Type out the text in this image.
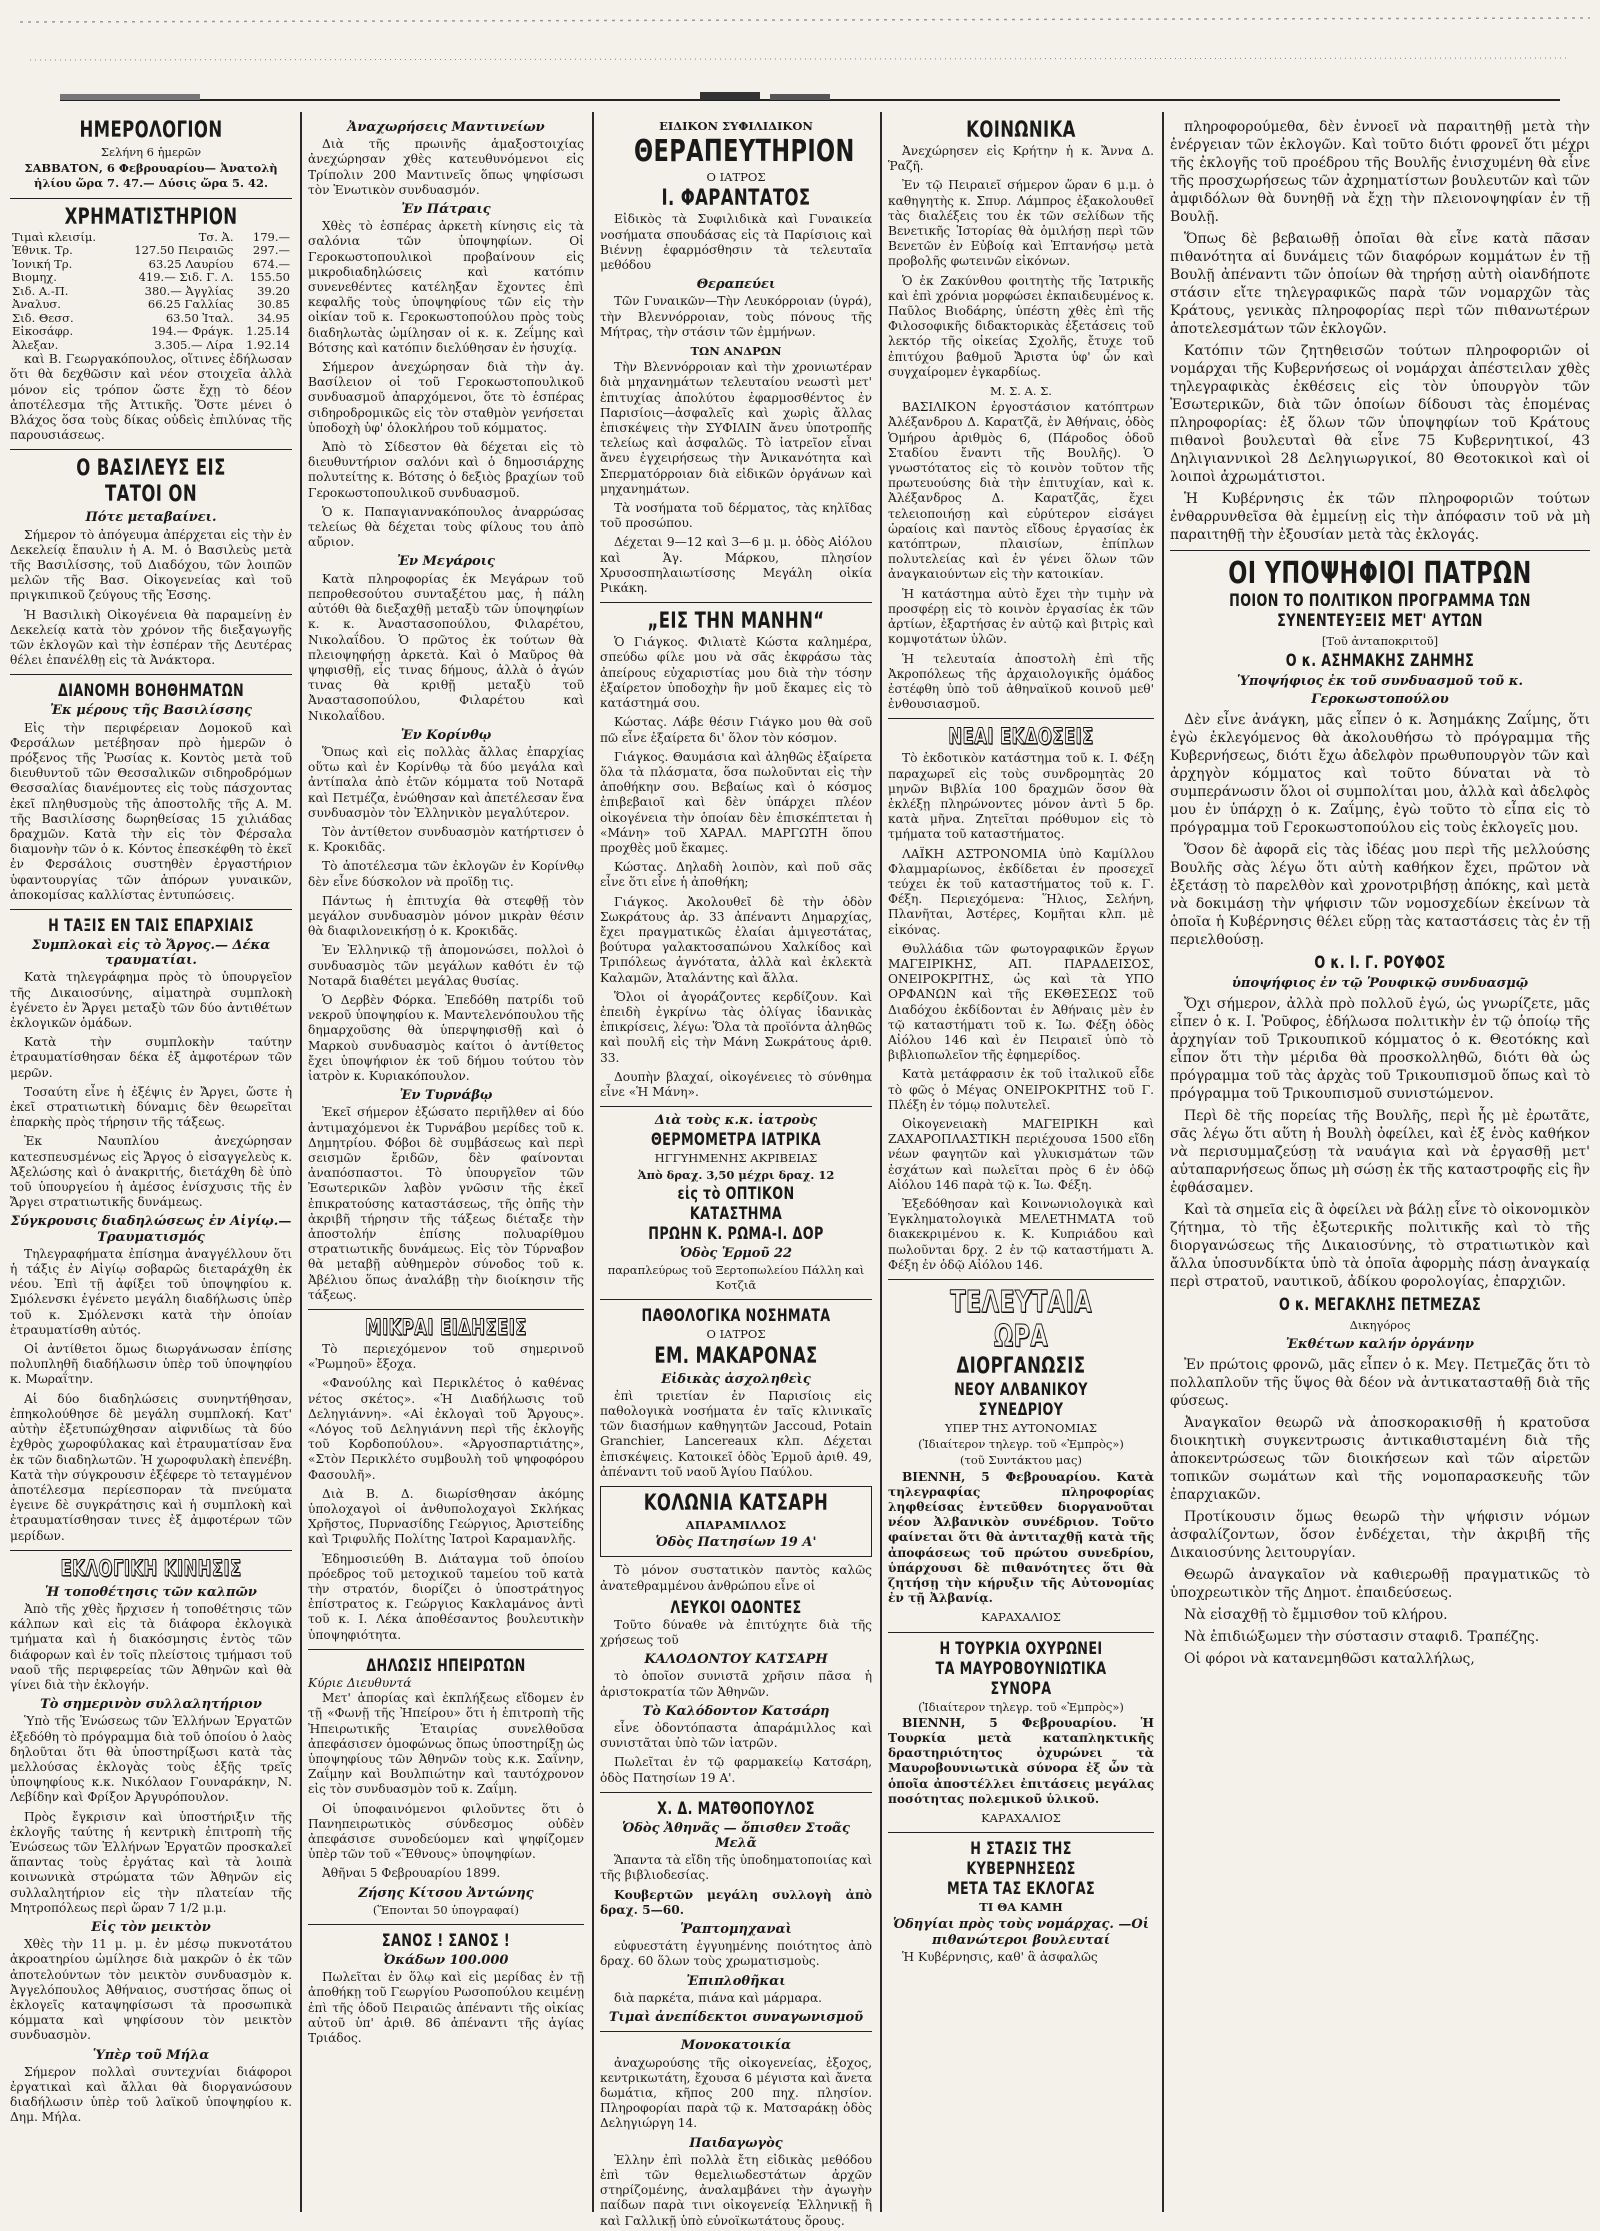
ΗΜΕΡΟΛΟΓΙΟΝ
Σελήνη 6 ἡμερῶν
ΣΑΒΒΑΤΟΝ, 6 Φεβρουαρίου— Ἀνατολὴ ἡλίου ὥρα 7. 47.— Δύσις ὥρα 5. 42.
ΧΡΗΜΑΤΙΣΤΗΡΙΟΝ
Τιμαὶ κλεισίμ.	Τσ. Ἀ.	179.—
Ἐθνικ. Τρ.	127.50 Πειραιῶς	297.—
Ἰονική Τρ.	63.25 Λαυρίου	674.—
Βιομηχ.	419.— Σιδ. Γ. Λ.	155.50
Σιδ. Α.-Π.	380.— Ἀγγλίας	39.20
Ἀναλυσ.	66.25 Γαλλίας	30.85
Σιδ. Θεσσ.	63.50 Ἰταλ.	34.95
Εἰκοσάφρ.	194.— Φράγκ.	1.25.14
Ἀλεξαν.	3.305.— Λίρα	1.92.14

καὶ Β. Γεωργακόπουλος, οἵτινες ἐδήλωσαν ὅτι θὰ δεχθῶσιν καὶ νέον στοιχεῖα ἀλλὰ μόνον εἰς τρόπον ὥστε ἔχῃ τὸ δέον ἀποτέλεσμα τῆς Ἀττικῆς. Ὅστε μένει ὁ Βλάχος ὅσα τοὺς δίκας οὐδεὶς ἐπιλύνας τῆς παρουσιάσεως.

Ο ΒΑΣΙΛΕΥΣ ΕΙΣ ΤΑΤΟΙ ΟΝ
Πότε μεταβαίνει.

Σήμερον τὸ ἀπόγευμα ἀπέρχεται εἰς τὴν ἐν Δεκελείᾳ ἔπαυλιν ἡ Α. Μ. ὁ Βασιλεὺς μετὰ τῆς Βασιλίσσης, τοῦ Διαδόχου, τῶν λοιπῶν μελῶν τῆς Βασ. Οἰκογενείας καὶ τοῦ πριγκιπικοῦ ζεύγους τῆς Ἑσσης.

Ἡ Βασιλικὴ Οἰκογένεια θὰ παραμείνῃ ἐν Δεκελείᾳ κατὰ τὸν χρόνον τῆς διεξαγωγῆς τῶν ἐκλογῶν καὶ τὴν ἐσπέραν τῆς Δευτέρας θέλει ἐπανέλθῃ εἰς τὰ Ἀνάκτορα.

ΔΙΑΝΟΜΗ ΒΟΗΘΗΜΑΤΩΝ
Ἐκ μέρους τῆς Βασιλίσσης

Εἰς τὴν περιφέρειαν Δομοκοῦ καὶ Φερσάλων μετέβησαν πρὸ ἡμερῶν ὁ πρόξενος τῆς Ῥωσίας κ. Κοντὸς μετὰ τοῦ διευθυντοῦ τῶν Θεσσαλικῶν σιδηροδρόμων Θεσσαλίας διανέμοντες εἰς τοὺς πάσχοντας ἐκεῖ πληθυσμοὺς τῆς ἀποστολῆς τῆς Α. Μ. τῆς Βασιλίσσης δωρηθείσας 15 χιλιάδας δραχμῶν. Κατὰ τὴν εἰς τὸν Φέρσαλα διαμονὴν τῶν ὁ κ. Κόντος ἐπεσκέφθη τὸ ἐκεῖ ἐν Φερσάλοις συστηθὲν ἐργαστήριον ὑφαντουργίας τῶν ἀπόρων γυναικῶν, ἀποκομίσας καλλίστας ἐντυπώσεις.

Η ΤΑΞΙΣ ΕΝ ΤΑΙΣ ΕΠΑΡΧΙΑΙΣ
Συμπλοκαὶ εἰς τὸ Ἄργος.— Δέκα τραυματίαι.

Κατὰ τηλεγράφημα πρὸς τὸ ὑπουργεῖον τῆς Δικαιοσύνης, αἱματηρὰ συμπλοκὴ ἐγένετο ἐν Ἄργει μεταξὺ τῶν δύο ἀντιθέτων ἐκλογικῶν ὁμάδων.

Κατὰ τὴν συμπλοκὴν ταύτην ἐτραυματίσθησαν δέκα ἐξ ἀμφοτέρων τῶν μερῶν.

Τοσαύτη εἶνε ἡ ἐξέψις ἐν Ἄργει, ὥστε ἡ ἐκεῖ στρατιωτικὴ δύναμις δὲν θεωρεῖται ἐπαρκὴς πρὸς τήρησιν τῆς τάξεως.

Ἐκ Ναυπλίου ἀνεχώρησαν κατεσπευσμένως εἰς Ἄργος ὁ εἰσαγγελεὺς κ. Ἀξελώσης καὶ ὁ ἀνακριτής, διετάχθη δὲ ὑπὸ τοῦ ὑπουργείου ἡ ἀμέσος ἐνίσχυσις τῆς ἐν Ἄργει στρατιωτικῆς δυνάμεως.

Σύγκρουσις διαδηλώσεως ἐν Αἰγίῳ.—Τραυματισμός

Τηλεγραφήματα ἐπίσημα ἀναγγέλλουν ὅτι ἡ τάξις ἐν Αἰγίῳ σοβαρῶς διεταράχθη ἐκ νέου. Ἐπὶ τῇ ἀφίξει τοῦ ὑποψηφίου κ. Σμόλενσκι ἐγένετο μεγάλη διαδήλωσις ὑπὲρ τοῦ κ. Σμόλενσκι κατὰ τὴν ὁποίαν ἐτραυματίσθη αὐτός.

Οἱ ἀντίθετοι ὅμως διωργάνωσαν ἐπίσης πολυπληθῆ διαδήλωσιν ὑπὲρ τοῦ ὑποψηφίου κ. Μωραΐτην.

Αἱ δύο διαδηλώσεις συνηντήθησαν, ἐπηκολούθησε δὲ μεγάλη συμπλοκή. Κατ' αὐτὴν ἐξετυπώχθησαν αἰφνιδίως τὰ δύο ἐχθρὸς χωροφύλακας καὶ ἐτραυματίσαν ἕνα ἐκ τῶν διαδηλωτῶν. Ἡ χωροφυλακὴ ἐπενέβη. Κατὰ τὴν σύγκρουσιν ἐξέφερε τὸ τεταγμένον ἀποτέλεσμα περίεσποραν τὰ πνεύματα ἐγεινε δὲ συγκράτησις καὶ ἡ συμπλοκὴ καὶ ἐτραυματίσθησαν τινες ἐξ ἀμφοτέρων τῶν μερίδων.

ΕΚΛΟΓΙΚΗ ΚΙΝΗΣΙΣ
Ἡ τοποθέτησις τῶν καλπῶν

Ἀπὸ τῆς χθὲς ἤρχισεν ἡ τοποθέτησις τῶν κάλπων καὶ εἰς τὰ διάφορα ἐκλογικὰ τμήματα καὶ ἡ διακόσμησις ἐντὸς τῶν διάφορων καὶ ἐν τοῖς πλείστοις τμήμασι τοῦ ναοῦ τῆς περιφερείας τῶν Ἀθηνῶν καὶ θὰ γίνει διὰ τὴν ἐκλογήν.

Τὸ σημερινὸν συλλαλητήριον

Ὑπὸ τῆς Ἑνώσεως τῶν Ἑλλήνων Ἐργατῶν ἐξεδόθη τὸ πρόγραμμα διὰ τοῦ ὁποίου ὁ λαὸς δηλοῦται ὅτι θὰ ὑποστηρίξωσι κατὰ τὰς μελλούσας ἐκλογὰς τοὺς ἑξῆς τρεῖς ὑποψηφίους κ.κ. Νικόλαον Γουναράκην, Ν. Λεβίδην καὶ Φρίξον Ἀργυρόπουλον.

Πρὸς ἔγκρισιν καὶ ὑποστήριξιν τῆς ἐκλογῆς ταύτης ἡ κεντρικὴ ἐπιτροπὴ τῆς Ἑνώσεως τῶν Ἑλλήνων Ἐργατῶν προσκαλεῖ ἅπαντας τοὺς ἐργάτας καὶ τὰ λοιπὰ κοινωνικὰ στρώματα τῶν Ἀθηνῶν εἰς συλλαλητήριον εἰς τὴν πλατείαν τῆς Μητροπόλεως περὶ ὥραν 7 1/2 μ.μ.

Εἰς τὸν μεικτὸν

Χθὲς τὴν 11 μ. μ. ἐν μέσῳ πυκνοτάτου ἀκροατηρίου ὡμίλησε διὰ μακρῶν ὁ ἐκ τῶν ἀποτελούντων τὸν μεικτὸν συνδυασμὸν κ. Ἀγγελόπουλος Ἀθήναιος, συστήσας ὅπως οἱ ἐκλογεῖς καταψηφίσωσι τὰ προσωπικὰ κόμματα καὶ ψηφίσουν τὸν μεικτὸν συνδυασμὸν.

Ὑπὲρ τοῦ Μήλα

Σήμερον πολλαὶ συντεχνίαι διάφοροι ἐργατικαὶ καὶ ἄλλαι θὰ διοργανώσουν διαδήλωσιν ὑπὲρ τοῦ λαϊκοῦ ὑποψηφίου κ. Δημ. Μήλα.

Ἀναχωρήσεις Μαντινείων

Διὰ τῆς πρωινῆς ἁμαξοστοιχίας ἀνεχώρησαν χθὲς κατευθυνόμενοι εἰς Τρίπολιν 200 Μαντινεῖς ὅπως ψηφίσωσι τὸν Ἑνωτικὸν συνδυασμόν.

Ἐν Πάτραις

Χθὲς τὸ ἑσπέρας ἀρκετὴ κίνησις εἰς τὰ σαλόνια τῶν ὑποψηφίων. Οἱ Γεροκωστοπουλικοὶ προβαίνουν εἰς μικροδιαδηλώσεις καὶ κατόπιν συνενεθέντες κατέληξαν ἔχοντες ἐπὶ κεφαλῆς τοὺς ὑποψηφίους τῶν εἰς τὴν οἰκίαν τοῦ κ. Γεροκωστοπούλου πρὸς τοὺς διαδηλωτὰς ὡμίλησαν οἱ κ. κ. Ζεΐμης καὶ Βότσης καὶ κατόπιν διελύθησαν ἐν ἡσυχίᾳ.

Σήμερον ἀνεχώρησαν διὰ τὴν ἀγ. Βασίλειον οἱ τοῦ Γεροκωστοπουλικοῦ συνδυασμοῦ ἀπαρχόμενοι, ὅτε τὸ ἑσπέρας σιδηροδρομικῶς εἰς τὸν σταθμὸν γενήσεται ὑποδοχὴ ὑφ' ὁλοκλήρου τοῦ κόμματος.

Ἀπὸ τὸ Σίδεστον θὰ δέχεται εἰς τὸ διευθυντήριον σαλόνι καὶ ὁ δημοσιάρχης πολυτείτης κ. Βότσης ὁ δεξιὸς βραχίων τοῦ Γεροκωστοπουλικοῦ συνδυασμοῦ.

Ὁ κ. Παπαγιαννακόπουλος ἀναρρώσας τελείως θὰ δέχεται τοὺς φίλους του ἀπὸ αὔριον.

Ἐν Μεγάροις

Κατὰ πληροφορίας ἐκ Μεγάρων τοῦ πεπροθεσούτου συνταξέτου μας, ἡ πάλη αὐτόθι θὰ διεξαχθῇ μεταξὺ τῶν ὑποψηφίων κ. κ. Ἀναστασοπούλου, Φιλαρέτου, Νικολαΐδου. Ὁ πρῶτος ἐκ τούτων θὰ πλειοψηφήσῃ ἀρκετὰ. Καὶ ὁ Μαῦρος θὰ ψηφισθῇ, εἶς τινας δήμους, ἀλλὰ ὁ ἀγών τινας θὰ κριθῇ μεταξὺ τοῦ Ἀναστασοπούλου, Φιλαρέτου καὶ Νικολαΐδου.

Ἐν Κορίνθῳ

Ὅπως καὶ εἰς πολλὰς ἄλλας ἐπαρχίας οὕτω καὶ ἐν Κορίνθῳ τὰ δύο μεγάλα καὶ ἀντίπαλα ἀπὸ ἐτῶν κόμματα τοῦ Νοταρᾶ καὶ Πετμέζα, ἐνώθησαν καὶ ἀπετέλεσαν ἕνα συνδυασμὸν τὸν Ἑλληνικὸν μεγαλύτερον.

Τὸν ἀντίθετον συνδυασμὸν κατήρτισεν ὁ κ. Κροκιδᾶς.

Τὸ ἀποτέλεσμα τῶν ἐκλογῶν ἐν Κορίνθῳ δὲν εἶνε δύσκολον νὰ προϊδῃ τις.

Πάντως ἡ ἐπιτυχία θὰ στεφθῇ τὸν μεγάλον συνδυασμὸν μόνον μικρὰν θέσιν θὰ διαφιλονεικήσῃ ὁ κ. Κροκιδᾶς.

Ἐν Ἐλληνικῷ τῇ ἀπομονώσει, πολλοὶ ὁ συνδυασμὸς τῶν μεγάλων καθότι ἐν τῷ Νοταρᾶ διαθέτει μεγάλας θυσίας.

Ὁ Δερβὲν Φόρκα. Ἐπεδόθη πατρίδι τοῦ νεκροῦ ὑποψηφίου κ. Μαντελενόπουλου τῆς δημαρχοῦσης θὰ ὑπερψηφισθῇ καὶ ὁ Μαρκοὺ συνδυασμὸς καίτοι ὁ ἀντίθετος ἔχει ὑποψήφιον ἐκ τοῦ δήμου τούτου τὸν ἰατρὸν κ. Κυριακόπουλον.

Ἐν Τυρνάβῳ

Ἐκεῖ σήμερον ἐξώσατο περιῆλθεν αἱ δύο ἀντιμαχόμενοι ἐκ Τυρνάβου μερίδες τοῦ κ. Δημητρίου. Φόβοι δὲ συμβάσεως καὶ περὶ σεισμῶν ἔριδῶν, δὲν φαίνονται ἀναπόσπαστοι. Τὸ ὑπουργεῖον τῶν Ἐσωτερικῶν λαβὸν γνῶσιν τῆς ἐκεῖ ἐπικρατούσης καταστάσεως, τῆς ὁπῆς τὴν ἀκριβῆ τήρησιν τῆς τάξεως διέταξε τὴν ἀποστολήν ἐπίσης πολυαρίθμου στρατιωτικῆς δυνάμεως. Εἰς τὸν Τύρναβον θὰ μεταβῇ αὐθημερὸν σύνοδος τοῦ κ. Ἀβέλιου ὅπως ἀναλάβῃ τὴν διοίκησιν τῆς τάξεως.

ΜΙΚΡΑΙ ΕΙΔΗΣΕΙΣ

Τὸ περιεχόμενον τοῦ σημερινοῦ «Ῥωμηοῦ» ἔξοχα.

«Φανούλης καὶ Περικλέτος ὁ καθένας νέτος σκέτος». «Ἡ Διαδήλωσις τοῦ Δεληγιάννη». «Αἱ ἐκλογαὶ τοῦ Ἄργους». «Λόγος τοῦ Δεληγιάννη περὶ τῆς ἐκλογῆς τοῦ Κορδοπούλου». «Ἀργοσπαρτιάτης», «Στὸν Περικλέτο συμβουλὴ τοῦ ψηφοφόρου Φασουλῆ».

Διὰ Β. Δ. διωρίσθησαν ἀκόμης ὑπολοχαγοὶ οἱ ἀνθυπολοχαγοὶ Σκλήκας Χρῆστος, Πυρνασίδης Γεώργιος, Ἀριστείδης καὶ Τριφυλῆς Πολίτης Ἰατροὶ Καραμανλῆς.

Ἐδημοσιεύθη Β. Διάταγμα τοῦ ὁποίου πρόεδρος τοῦ μετοχικοῦ ταμείου τοῦ κατὰ τὴν στρατόν, διορίζει ὁ ὑποστράτηγος ἐπίστρατος κ. Γεώργιος Κακλαμάνος ἀντὶ τοῦ κ. Ι. Λέκα ἀποθέσαντος βουλευτικὴν ὑποψηφιότητα.

ΔΗΛΩΣΙΣ ΗΠΕΙΡΩΤΩΝ
Κύριε Διευθυντά

Μετ' ἀπορίας καὶ ἐκπλήξεως εἴδομεν ἐν τῇ «Φωνῇ τῆς Ἠπείρου» ὅτι ἡ ἐπιτροπὴ τῆς Ἠπειρωτικῆς Ἑταιρίας συνελθοῦσα ἀπεφάσισεν ὁμοφώνως ὅπως ὑποστηρίξῃ ὡς ὑποψηφίους τῶν Ἀθηνῶν τοὺς κ.κ. Σαΐνην, Ζαΐμην καὶ Βουλπιώτην καὶ ταυτόχρονον εἰς τὸν συνδυασμὸν τοῦ κ. Ζαΐμη.

Οἱ ὑποφαινόμενοι φιλοῦντες ὅτι ὁ Πανηπειρωτικὸς σύνδεσμος οὐδὲν ἀπεφάσισε συνοδεύομεν καὶ ψηφίζομεν ὑπὲρ τῶν τοῦ «Ἔθνους» ὑποψηφίων.

Ἀθῆναι 5 Φεβρουαρίου 1899.

Ζήσης Κίτσου Ἀντώνης
(Ἕπονται 50 ὑπογραφαί)
ΣΑΝΟΣ ! ΣΑΝΟΣ !
Ὀκάδων 100.000

Πωλεῖται ἐν ὅλῳ καὶ εἰς μερίδας ἐν τῇ ἀποθήκῃ τοῦ Γεωργίου Ρωσοπούλου κειμένῃ ἐπὶ τῆς ὁδοῦ Πειραιῶς ἀπέναντι τῆς οἰκίας αὐτοῦ ὑπ' ἀριθ. 86 ἀπέναντι τῆς ἁγίας Τριάδος.

ΕΙΔΙΚΟΝ ΣΥΦΙΛΙΔΙΚΟΝ
ΘΕΡΑΠΕΥΤΗΡΙΟΝ
Ο ΙΑΤΡΟΣ
Ι. ΦΑΡΑΝΤΑΤΟΣ

Εἰδικὸς τὰ Συφιλιδικὰ καὶ Γυναικεία νοσήματα σπουδάσας εἰς τὰ Παρίσιοις καὶ Βιέννῃ ἐφαρμόσθησιν τὰ τελευταῖα μεθόδου

Θεραπεύει

Τῶν Γυναικῶν—Τὴν Λευκόρροιαν (ὑγρά), τὴν Βλεννόρροιαν, τοὺς πόνους τῆς Μήτρας, τὴν στάσιν τῶν ἐμμήνων.

ΤΩΝ ΑΝΔΡΩΝ

Τὴν Βλεννόρροιαν καὶ τὴν χρονιωτέραν διὰ μηχανημάτων τελευταίου νεωστὶ μετ' ἐπιτυχίας ἀπολύτου ἐφαρμοσθέντος ἐν Παρισίοις—ἀσφαλεῖς καὶ χωρὶς ἄλλας ἐπισκέψεις τὴν ΣΥΦΙΛΙΝ ἄνευ ὑποτροπῆς τελείως καὶ ἀσφαλῶς. Τὸ ἰατρεῖον εἶναι ἄνευ ἐγχειρήσεως τὴν Ἀνικανότητα καὶ Σπερματόρροιαν διὰ εἰδικῶν ὀργάνων καὶ μηχανημάτων.

Τὰ νοσήματα τοῦ δέρματος, τὰς κηλῖδας τοῦ προσώπου.

Δέχεται 9—12 καὶ 3—6 μ. μ. ὁδὸς Αἰόλου καὶ Ἁγ. Μάρκου, πλησίον Χρυσοσπηλαιωτίσσης Μεγάλη οἰκία Ρικάκη.

„ΕΙΣ ΤΗΝ ΜΑΝΗΝ“

Ὁ Γιάγκος. Φιλιατὲ Κώστα καλημέρα, σπεύδω φίλε μου νὰ σᾶς ἐκφράσω τὰς ἀπείρους εὐχαριστίας μου διὰ τὴν τόσην ἐξαίρετον ὑποδοχὴν ἣν μοῦ ἔκαμες εἰς τὸ κατάστημά σου.

Κώστας. Λάβε θέσιν Γιάγκο μου θὰ σοῦ πῶ εἶνε ἐξαίρετα δι' ὅλον τὸν κόσμον.

Γιάγκος. Θαυμάσια καὶ ἀληθῶς ἐξαίρετα ὅλα τὰ πλάσματα, ὅσα πωλοῦνται εἰς τὴν ἀποθήκην σου. Βεβαίως καὶ ὁ κόσμος ἐπιβεβαιοῖ καὶ δὲν ὑπάρχει πλέον οἰκογένεια τὴν ὁποίαν δὲν ἐπισκέπτεται ἡ «Μάνη» τοῦ ΧΑΡΑΛ. ΜΑΡΓΩΤΗ ὅπου προχθὲς μοῦ ἔκαμες.

Κώστας. Δηλαδὴ λοιπὸν, καὶ ποῦ σᾶς εἶνε ὅτι εἶνε ἡ ἀποθήκη;

Γιάγκος. Ἀκολουθεῖ δὲ τὴν ὁδὸν Σωκράτους ἀρ. 33 ἀπέναντι Δημαρχίας, ἔχει πραγματικῶς ἐλαίαι ἀμιγεστάτας, βούτυρα γαλακτοσαπώνου Χαλκίδος καὶ Τριπόλεως ἀγνότατα, ἀλλὰ καὶ ἐκλεκτὰ Καλαμῶν, Ἀταλάντης καὶ ἄλλα.

Ὅλοι οἱ ἀγοράζοντες κερδίζουν. Καὶ ἐπειδὴ ἐγκρίνω τὰς ὀλίγας ἰδανικὰς ἐπικρίσεις, λέγω: Ὅλα τὰ προϊόντα ἀληθῶς καὶ πουλῆ εἰς τὴν Μάνη Σωκράτους ἀριθ. 33.

Δουπὴν βλαχαί, οἰκογένειες τὸ σύνθημα εἶνε «Ἡ Μάνη».

Διὰ τοὺς κ.κ. ἰατροὺς
ΘΕΡΜΟΜΕΤΡΑ ΙΑΤΡΙΚΑ
ΗΓΓΥΗΜΕΝΗΣ ΑΚΡΙΒΕΙΑΣ
Ἀπὸ δραχ. 3,50 μέχρι δραχ. 12
εἰς τὸ ΟΠΤΙΚΟΝ ΚΑΤΑΣΤΗΜΑ
ΠΡΩΗΝ Κ. ΡΩΜΑ-Ι. ΔΟΡ
Ὁδὸς Ἑρμοῦ 22
παραπλεύρως τοῦ Ξερτοπωλείου Πάλλη καὶ Κοτζιᾶ
ΠΑΘΟΛΟΓΙΚΑ ΝΟΣΗΜΑΤΑ
Ο ΙΑΤΡΟΣ
ΕΜ. ΜΑΚΑΡΟΝΑΣ
Εἰδικὰς ἀσχοληθεὶς

ἐπὶ τριετίαν ἐν Παρισίοις εἰς παθολογικὰ νοσήματα ἐν ταῖς κλινικαῖς τῶν διασήμων καθηγητῶν Jaccoud, Potain Granchier, Lancereaux κλπ. Δέχεται ἐπισκέψεις. Κατοικεῖ ὁδὸς Ἑρμοῦ ἀριθ. 49, ἀπέναντι τοῦ ναοῦ Ἁγίου Παύλου.

ΚΟΛΩΝΙΑ ΚΑΤΣΑΡΗ
ΑΠΑΡΑΜΙΛΛΟΣ
Ὁδὸς Πατησίων 19 Α'

Τὸ μόνον συστατικὸν παντὸς καλῶς ἀνατεθραμμένου ἀνθρώπου εἶνε οἱ

ΛΕΥΚΟΙ ΟΔΟΝΤΕΣ

Τοῦτο δύναθε νὰ ἐπιτύχητε διὰ τῆς χρήσεως τοῦ

ΚΑΛΟΔΟΝΤΟΥ ΚΑΤΣΑΡΗ

τὸ ὁποῖον συνιστᾶ χρῆσιν πᾶσα ἡ ἀριστοκρατία τῶν Ἀθηνῶν.

Τὸ Καλόδοντον Κατσάρη

εἶνε ὀδοντόπαστα ἀπαράμιλλος καὶ συνιστᾶται ὑπὸ τῶν ἰατρῶν.

Πωλεῖται ἐν τῷ φαρμακείῳ Κατσάρη, ὁδὸς Πατησίων 19 Α'.

Χ. Δ. ΜΑΤΘΟΠΟΥΛΟΣ
Ὁδὸς Ἀθηνᾶς — ὄπισθεν Στοᾶς Μελᾶ

Ἅπαντα τὰ εἴδη τῆς ὑποδηματοποιίας καὶ τῆς βιβλιοδεσίας.

Κουβερτῶν μεγάλη συλλογὴ ἀπὸ δραχ. 5—60.

Ῥαπτομηχαναὶ

εὐφυεστάτη ἐγγυημένης ποιότητος ἀπὸ δραχ. 60 ὅλων τοὺς χρωματισμοὺς.

Ἐπιπλοθῆκαι

διὰ παρκέτα, πιάνα καὶ μάρμαρα.

Τιμαὶ ἀνεπίδεκτοι συναγωνισμοῦ
Μονοκατοικία

ἀναχωρούσης τῆς οἰκογενείας, ἐξοχος, κεντρικωτάτη, ἔχουσα 6 μέγιστα καὶ ἄνετα δωμάτια, κῆπος 200 πηχ. πλησίον. Πληροφορίαι παρὰ τῷ κ. Ματσαράκῃ ὁδὸς Δεληγιώργη 14.

Παιδαγωγὸς

Ἐλλην ἐπὶ πολλὰ ἔτη εἰδικὰς μεθόδου ἐπὶ τῶν θεμελιωδεστάτων ἀρχῶν στηρίζομένης, ἀναλαμβάνει τὴν ἀγωγὴν παίδων παρὰ τινι οἰκογενείᾳ Ἑλληνικῇ ἢ καὶ Γαλλικῇ ὑπὸ εὐνοϊκωτάτους ὅρους.

ΚΟΙΝΩΝΙΚΑ

Ἀνεχώρησεν εἰς Κρήτην ἡ κ. Ἄννα Δ. Ῥαζῆ.

Ἐν τῷ Πειραιεῖ σήμερον ὥραν 6 μ.μ. ὁ καθηγητὴς κ. Σπυρ. Λάμπρος ἐξακολουθεῖ τὰς διαλέξεις του ἐκ τῶν σελίδων τῆς Βενετικῆς Ἱστορίας θὰ ὁμιλήσῃ περὶ τῶν Βενετῶν ἐν Εὐβοίᾳ καὶ Ἑπτανήσῳ μετὰ προβολῆς φωτεινῶν εἰκόνων.

Ὁ ἐκ Ζακύνθου φοιτητὴς τῆς Ἰατρικῆς καὶ ἐπὶ χρόνια μορφώσει ἐκπαιδευμένος κ. Παῦλος Βιοδάρης, ὑπέστη χθὲς ἐπὶ τῆς Φιλοσοφικῆς διδακτορικὰς ἐξετάσεις τοῦ λεκτόρ τῆς οἰκείας Σχολῆς, ἔτυχε τοῦ ἐπιτύχου βαθμοῦ Ἄριστα ὑφ' ὧν καὶ συγχαίρομεν ἐγκαρδίως.

Μ. Σ. Α. Σ.

ΒΑΣΙΛΙΚΟΝ ἐργοστάσιον κατόπτρων Ἀλέξανδρου Δ. Καρατζᾶ, ἐν Ἀθήναις, ὁδὸς Ὁμήρου ἀριθμὸς 6, (Πάροδος ὁδοῦ Σταδίου ἔναντι τῆς Βουλῆς). Ὁ γνωστότατος εἰς τὸ κοινὸν τοῦτον τῆς πρωτευούσης διὰ τὴν ἐπιτυχίαν, καὶ κ. Ἀλέξανδρος Δ. Καρατζᾶς, ἔχει τελειοποιήσῃ καὶ εὐρύτερον εἰσάγει ὡραίοις καὶ παντὸς εἴδους ἐργασίας ἐκ κατόπτρων, πλαισίων, ἐπίπλων πολυτελείας καὶ ἐν γένει ὅλων τῶν ἀναγκαιούντων εἰς τὴν κατοικίαν.

Ἡ κατάστημα αὐτὸ ἔχει τὴν τιμὴν νὰ προσφέρῃ εἰς τὸ κοινὸν ἐργασίας ἐκ τῶν ἀρτίων, ἐξαρτήσας ἐν αὐτῷ καὶ βιτρὶς καὶ κομψοτάτων ὑλῶν.

Ἡ τελευταία ἀποστολὴ ἐπὶ τῆς Ἀκροπόλεως τῆς ἀρχαιολογικῆς ὁμάδος ἐστέφθη ὑπὸ τοῦ ἀθηναϊκοῦ κοινοῦ μεθ' ἐνθουσιασμοῦ.

ΝΕΑΙ ΕΚΔΟΣΕΙΣ

Τὸ ἐκδοτικὸν κατάστημα τοῦ κ. Ι. Φέξη παραχωρεῖ εἰς τοὺς συνδρομητὰς 20 μηνῶν Βιβλία 100 δραχμῶν ὅσον θὰ ἐκλέξῃ πληρώνοντες μόνον ἀντὶ 5 δρ. κατὰ μῆνα. Ζητεῖται πρόθυμον εἰς τὸ τμήματα τοῦ καταστήματος.

ΛΑΪΚΗ ΑΣΤΡΟΝΟΜΙΑ ὑπὸ Καμίλλου Φλαμμαρίωνος, ἐκδίδεται ἐν προσεχεῖ τεύχει ἐκ τοῦ καταστήματος τοῦ κ. Γ. Φέξη. Περιεχόμενα: Ἥλιος, Σελήνη, Πλανῆται, Ἀστέρες, Κομῆται κλπ. μὲ εἰκόνας.

Θυλλάδια τῶν φωτογραφικῶν ἔργων ΜΑΓΕΙΡΙΚΗΣ, ΑΠ. ΠΑΡΑΔΕΙΣΟΣ, ΟΝΕΙΡΟΚΡΙΤΗΣ, ὡς καὶ τὰ ΥΠΟ ΟΡΦΑΝΩΝ καὶ τῆς ΕΚΘΕΣΕΩΣ τοῦ Διαδόχου ἐκδίδονται ἐν Ἀθήναις μὲν ἐν τῷ καταστήματι τοῦ κ. Ἰω. Φέξη ὁδὸς Αἰόλου 146 καὶ ἐν Πειραιεῖ ὑπὸ τὸ βιβλιοπωλεῖον τῆς ἐφημερίδος.

Κατὰ μετάφρασιν ἐκ τοῦ ἰταλικοῦ εἶδε τὸ φῶς ὁ Μέγας ΟΝΕΙΡΟΚΡΙΤΗΣ τοῦ Γ. Πλέξη ἐν τόμῳ πολυτελεῖ.

Οἰκογενειακὴ ΜΑΓΕΙΡΙΚΗ καὶ ΖΑΧΑΡΟΠΛΑΣΤΙΚΗ περιέχουσα 1500 εἴδη νέων φαγητῶν καὶ γλυκισμάτων τῶν ἐσχάτων καὶ πωλεῖται πρὸς 6 ἐν ὁδῷ Αἰόλου 146 παρὰ τῷ κ. Ἰω. Φέξη.

Ἐξεδόθησαν καὶ Κοινωνιολογικὰ καὶ Ἐγκληματολογικὰ ΜΕΛΕΤΗΜΑΤΑ τοῦ διακεκριμένου κ. Κ. Κυπριάδου καὶ πωλοῦνται δρχ. 2 ἐν τῷ καταστήματι Ἀ. Φέξη ἐν ὁδῷ Αἰόλου 146.

ΤΕΛΕΥΤΑΙΑ ΩΡΑ
ΔΙΟΡΓΑΝΩΣΙΣ
ΝΕΟΥ ΑΛΒΑΝΙΚΟΥ ΣΥΝΕΔΡΙΟΥ
ΥΠΕΡ ΤΗΣ ΑΥΤΟΝΟΜΙΑΣ
(Ἰδιαίτερον τηλεγρ. τοῦ «Ἐμπρὸς»)
(τοῦ Συντάκτου μας)

ΒΙΕΝΝΗ, 5 Φεβρουαρίου. Κατὰ τηλεγραφίας πληροφορίας ληφθείσας ἐντεῦθεν διοργανοῦται νέον Ἀλβανικὸν συνέδριον. Τοῦτο φαίνεται ὅτι θὰ ἀντιταχθῇ κατὰ τῆς ἀποφάσεως τοῦ πρώτου συνεδρίου, ὑπάρχουσι δὲ πιθανότητες ὅτι θὰ ζητήσῃ τὴν κήρυξιν τῆς Αὐτονομίας ἐν τῇ Ἀλβανίᾳ.

ΚΑΡΑΧΑΛΙΟΣ
Η ΤΟΥΡΚΙΑ ΟΧΥΡΩΝΕΙ
ΤΑ ΜΑΥΡΟΒΟΥΝΙΩΤΙΚΑ ΣΥΝΟΡΑ
(Ἰδιαίτερον τηλεγρ. τοῦ «Ἐμπρὸς»)

ΒΙΕΝΝΗ, 5 Φεβρουαρίου. Ἡ Τουρκία μετὰ καταπληκτικῆς δραστηριότητος ὀχυρώνει τὰ Μαυροβουνιωτικὰ σύνορα ἐξ ὧν τὰ ὁποῖα ἀποστέλλει ἐπιτάσεις μεγάλας ποσότητας πολεμικοῦ ὑλικοῦ.

ΚΑΡΑΧΑΛΙΟΣ
Η ΣΤΑΣΙΣ ΤΗΣ ΚΥΒΕΡΝΗΣΕΩΣ
ΜΕΤΑ ΤΑΣ ΕΚΛΟΓΑΣ
ΤΙ ΘΑ ΚΑΜΗ
Ὁδηγίαι πρὸς τοὺς νομάρχας. —Οἱ πιθανώτεροι βουλευταί

Ἡ Κυβέρνησις, καθ' ἃ ἀσφαλῶς

πληροφορούμεθα, δὲν ἐννοεῖ νὰ παραιτηθῇ μετὰ τὴν ἐνέργειαν τῶν ἐκλογῶν. Καὶ τοῦτο διότι φρονεῖ ὅτι μέχρι τῆς ἐκλογῆς τοῦ προέδρου τῆς Βουλῆς ἐνισχυμένη θὰ εἶνε τῆς προσχωρήσεως τῶν ἀχρηματίστων βουλευτῶν καὶ τῶν ἀμφιδόλων θὰ δυνηθῇ νὰ ἔχῃ τὴν πλειονοψηφίαν ἐν τῇ Βουλῇ.

Ὅπως δὲ βεβαιωθῇ ὁποῖαι θὰ εἶνε κατὰ πᾶσαν πιθανότητα αἱ δυνάμεις τῶν διαφόρων κομμάτων ἐν τῇ Βουλῇ ἀπέναντι τῶν ὁποίων θὰ τηρήσῃ αὐτὴ οἰανδήποτε στάσιν εἴτε τηλεγραφικῶς παρὰ τῶν νομαρχῶν τὰς Κράτους, γενικὰς πληροφορίας περὶ τῶν πιθανωτέρων ἀποτελεσμάτων τῶν ἐκλογῶν.

Κατόπιν τῶν ζητηθεισῶν τούτων πληροφοριῶν οἱ νομάρχαι τῆς Κυβερνήσεως οἱ νομάρχαι ἀπέστειλαν χθὲς τηλεγραφικὰς ἐκθέσεις εἰς τὸν ὑπουργὸν τῶν Ἐσωτερικῶν, διὰ τῶν ὁποίων δίδουσι τὰς ἑπομένας πληροφορίας: ἐξ ὅλων τῶν ὑποψηφίων τοῦ Κράτους πιθανοὶ βουλευταὶ θὰ εἶνε 75 Κυβερνητικοί, 43 Δηλιγιαννικοὶ 28 Δεληγιωργικοί, 80 Θεοτοκικοὶ καὶ οἱ λοιποὶ ἀχρωμάτιστοι.

Ἡ Κυβέρνησις ἐκ τῶν πληροφοριῶν τούτων ἐνθαρρυνθεῖσα θὰ ἐμμείνῃ εἰς τὴν ἀπόφασιν τοῦ νὰ μὴ παραιτηθῇ τὴν ἐξουσίαν μετὰ τὰς ἐκλογάς.

ΟΙ ΥΠΟΨΗΦΙΟΙ ΠΑΤΡΩΝ
ΠΟΙΟΝ ΤΟ ΠΟΛΙΤΙΚΟΝ ΠΡΟΓΡΑΜΜΑ ΤΩΝ
ΣΥΝΕΝΤΕΥΞΕΙΣ ΜΕΤ' ΑΥΤΩΝ
[Τοῦ ἀνταποκριτοῦ]
Ο κ. ΑΣΗΜΑΚΗΣ ΖΑΗΜΗΣ
Ὑποψήφιος ἐκ τοῦ συνδυασμοῦ τοῦ κ. Γεροκωστοπούλου

Δὲν εἶνε ἀνάγκη, μᾶς εἶπεν ὁ κ. Ἀσημάκης Ζαΐμης, ὅτι ἐγὼ ἐκλεγόμενος θὰ ἀκολουθήσω τὸ πρόγραμμα τῆς Κυβερνήσεως, διότι ἔχω ἀδελφὸν πρωθυπουργὸν τῶν καὶ ἀρχηγὸν κόμματος καὶ τοῦτο δύναται νὰ τὸ συμπεράνωσιν ὅλοι οἱ συμπολίται μου, ἀλλὰ καὶ ἀδελφὸς μου ἐν ὑπάρχῃ ὁ κ. Ζαΐμης, ἐγὼ τοῦτο τὸ εἶπα εἰς τὸ πρόγραμμα τοῦ Γεροκωστοπούλου εἰς τοὺς ἐκλογεῖς μου.

Ὅσον δὲ ἀφορᾶ εἰς τὰς ἰδέας μου περὶ τῆς μελλούσης Βουλῆς σὰς λέγω ὅτι αὐτὴ καθήκον ἔχει, πρῶτον νὰ ἐξετάσῃ τὸ παρελθὸν καὶ χρονοτριβήσῃ ἀπόκης, καὶ μετὰ νὰ δοκιμάσῃ τὴν ψήφισιν τῶν νομοσχεδίων ἐκείνων τὰ ὁποῖα ἡ Κυβέρνησις θέλει εὕρῃ τὰς καταστάσεις τὰς ἐν τῇ περιελθούσῃ.

Ο κ. Ι. Γ. ΡΟΥΦΟΣ
ὑποψήφιος ἐν τῷ Ῥουφικῷ συνδυασμῷ

Ὄχι σήμερον, ἀλλὰ πρὸ πολλοῦ ἐγώ, ὡς γνωρίζετε, μᾶς εἶπεν ὁ κ. Ι. Ῥοῦφος, ἐδήλωσα πολιτικὴν ἐν τῷ ὁποίῳ τῆς ἀρχηγίαν τοῦ Τρικουπικοῦ κόμματος ὁ κ. Θεοτόκης καὶ εἶπον ὅτι τὴν μέριδα θὰ προσκολληθῶ, διότι θὰ ὡς πρόγραμμα τοῦ τὰς ἀρχὰς τοῦ Τρικουπισμοῦ ὅπως καὶ τὸ πρόγραμμα τοῦ Τρικουπισμοῦ συνιστώμενον.

Περὶ δὲ τῆς πορείας τῆς Βουλῆς, περὶ ἧς μὲ ἐρωτᾶτε, σᾶς λέγω ὅτι αὕτη ἡ Βουλὴ ὀφείλει, καὶ ἐξ ἑνὸς καθήκον νὰ περισυμμαζεύσῃ τὰ ναυάγια καὶ νὰ ἐργασθῇ μετ' αὐταπαρνήσεως ὅπως μὴ σώσῃ ἐκ τῆς καταστροφῆς εἰς ἣν ἐφθάσαμεν.

Καὶ τὰ σημεῖα εἰς ἃ ὀφείλει νὰ βάλῃ εἶνε τὸ οἰκονομικὸν ζήτημα, τὸ τῆς ἐξωτερικῆς πολιτικῆς καὶ τὸ τῆς διοργανώσεως τῆς Δικαιοσύνης, τὸ στρατιωτικὸν καὶ ἄλλα ὑποσυνδίκτα ὑπὸ τὰ ὁποῖα ἀφορμὴς πάσῃ ἀναγκαίᾳ περὶ στρατοῦ, ναυτικοῦ, ἀδίκου φορολογίας, ἐπαρχιῶν.

Ο κ. ΜΕΓΑΚΛΗΣ ΠΕΤΜΕΖΑΣ
Δικηγόρος
Ἐκθέτων καλήν ὀργάνην

Ἐν πρώτοις φρονῶ, μᾶς εἶπεν ὁ κ. Μεγ. Πετμεζᾶς ὅτι τὸ πολλαπλοῦν τῆς ὕψος θὰ δέον νὰ ἀντικατασταθῇ διὰ τῆς φύσεως.

Ἀναγκαῖον θεωρῶ νὰ ἀποσκορακισθῇ ἡ κρατοῦσα διοικητικὴ συγκεντρωσις ἀντικαθισταμένη διὰ τῆς ἀποκεντρώσεως τῶν διοικήσεων καὶ τῶν αἱρετῶν τοπικῶν σωμάτων καὶ τῆς νομοπαρασκευῆς τῶν ἐπαρχιακῶν.

Προτίκουσιν ὅμως θεωρῶ τὴν ψήφισιν νόμων ἀσφαλίζοντων, ὅσον ἐνδέχεται, τὴν ἀκριβῆ τῆς Δικαιοσύνης λειτουργίαν.

Θεωρῶ ἀναγκαῖον νὰ καθιερωθῇ πραγματικῶς τὸ ὑποχρεωτικὸν τῆς Δημοτ. ἐπαιδεύσεως.

Νὰ εἰσαχθῇ τὸ ἔμμισθον τοῦ κλήρου.

Νὰ ἐπιδιώξωμεν τὴν σύστασιν σταφιδ. Τραπέζης.

Οἱ φόροι νὰ κατανεμηθῶσι καταλλήλως,
